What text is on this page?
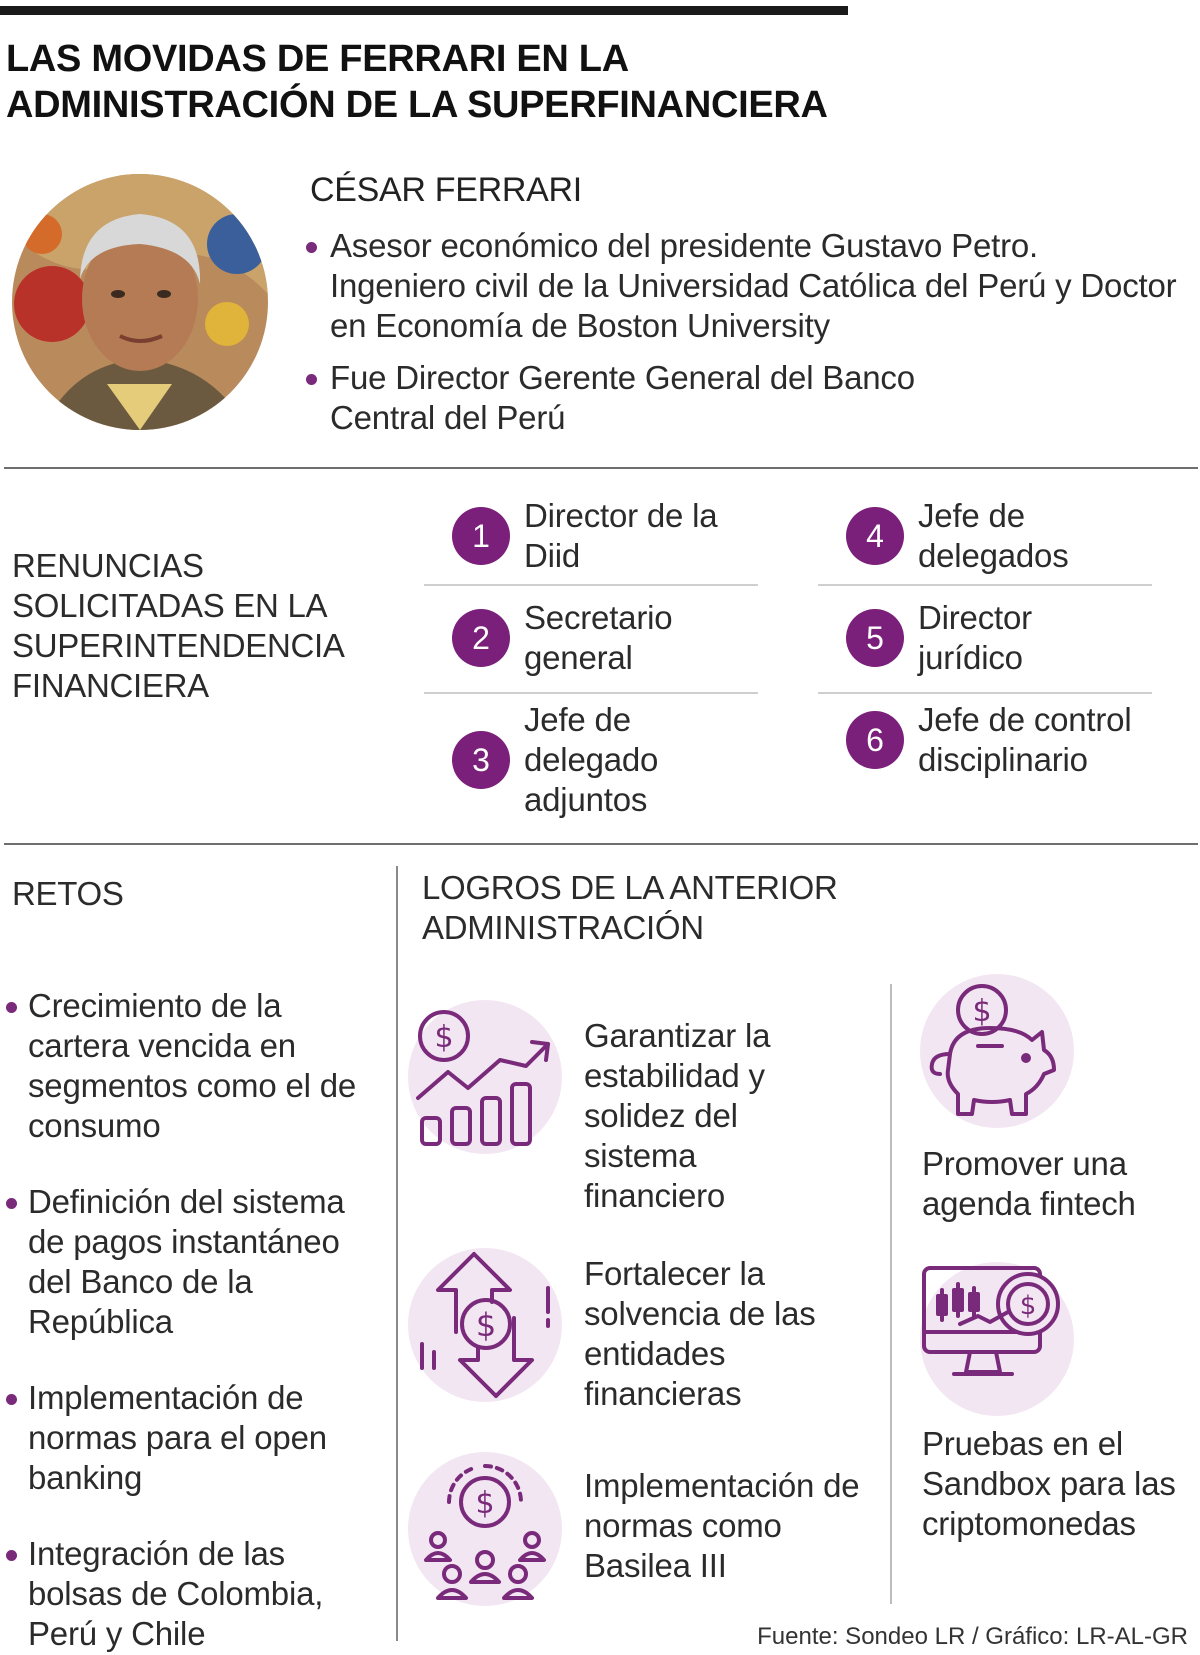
LAS MOVIDAS DE FERRARI EN LA
ADMINISTRACIÓN DE LA SUPERFINANCIERA
CÉSAR FERRARI
Asesor económico del presidente Gustavo Petro. Ingeniero civil de la Universidad Católica del Perú y Doctor en Economía de Boston University
Fue Director Gerente General del Banco Central del Perú
RENUNCIAS SOLICITADAS EN LA SUPERINTENDENCIA FINANCIERA
1
Director de la Diid
2
Secretario general
3
Jefe de delegado adjuntos
4
Jefe de delegados
5
Director jurídico
6
Jefe de control disciplinario
RETOS
Crecimiento de la cartera vencida en segmentos como el de consumo
Definición del sistema de pagos instantáneo del Banco de la República
Implementación de normas para el open banking
Integración de las bolsas de Colombia, Perú y Chile
LOGROS DE LA ANTERIOR ADMINISTRACIÓN
$	Garantizar la estabilidad y solidez del sistema financiero
$
Fortalecer la solvencia de las entidades financieras
$	Implementación de normas como Basilea III
$
Promover una agenda fintech
$
Pruebas en el Sandbox para las criptomonedas
Fuente: Sondeo LR / Gráfico: LR-AL-GR
